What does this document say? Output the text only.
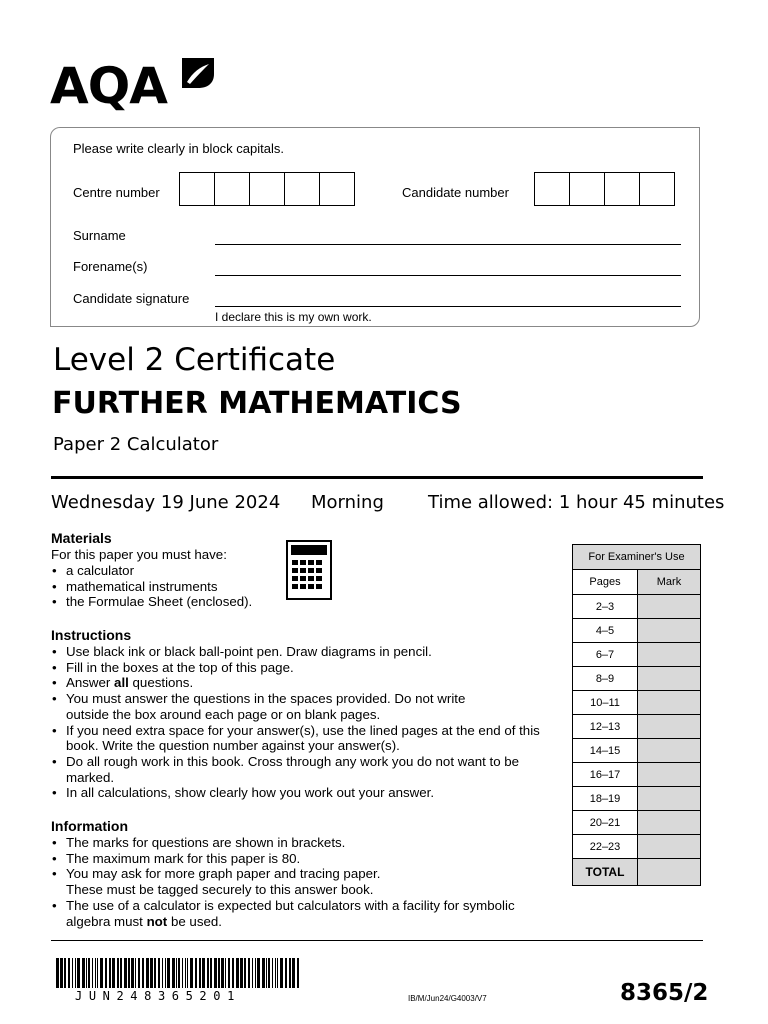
AQA
Please write clearly in block capitals.
Centre number	Candidate number
Surname
Forename(s)
Candidate signature
I declare this is my own work.
Level 2 Certificate
FURTHER MATHEMATICS
Paper 2 Calculator
Wednesday 19 June 2024 Morning Time allowed: 1 hour 45 minutes
Materials
For this paper you must have:
• a calculator
• mathematical instruments
• the Formulae Sheet (enclosed).
Instructions
• Use black ink or black ball-point pen. Draw diagrams in pencil.
• Fill in the boxes at the top of this page.
• Answer all questions.
• You must answer the questions in the spaces provided. Do not write outside the box around each page or on blank pages.
• If you need extra space for your answer(s), use the lined pages at the end of this book. Write the question number against your answer(s).
• Do all rough work in this book. Cross through any work you do not want to be marked.
• In all calculations, show clearly how you work out your answer.
Information
• The marks for questions are shown in brackets.
• The maximum mark for this paper is 80.
• You may ask for more graph paper and tracing paper. These must be tagged securely to this answer book.
• The use of a calculator is expected but calculators with a facility for symbolic algebra must not be used.
For Examiner's Use	
Pages	Mark
2–3	
4–5	
6–7	
8–9	
10–11	
12–13	
14–15	
16–17	
18–19	
20–21	
22–23	
TOTAL	
JUN248365201	IB/M/Jun24/G4003/V7	8365/2
